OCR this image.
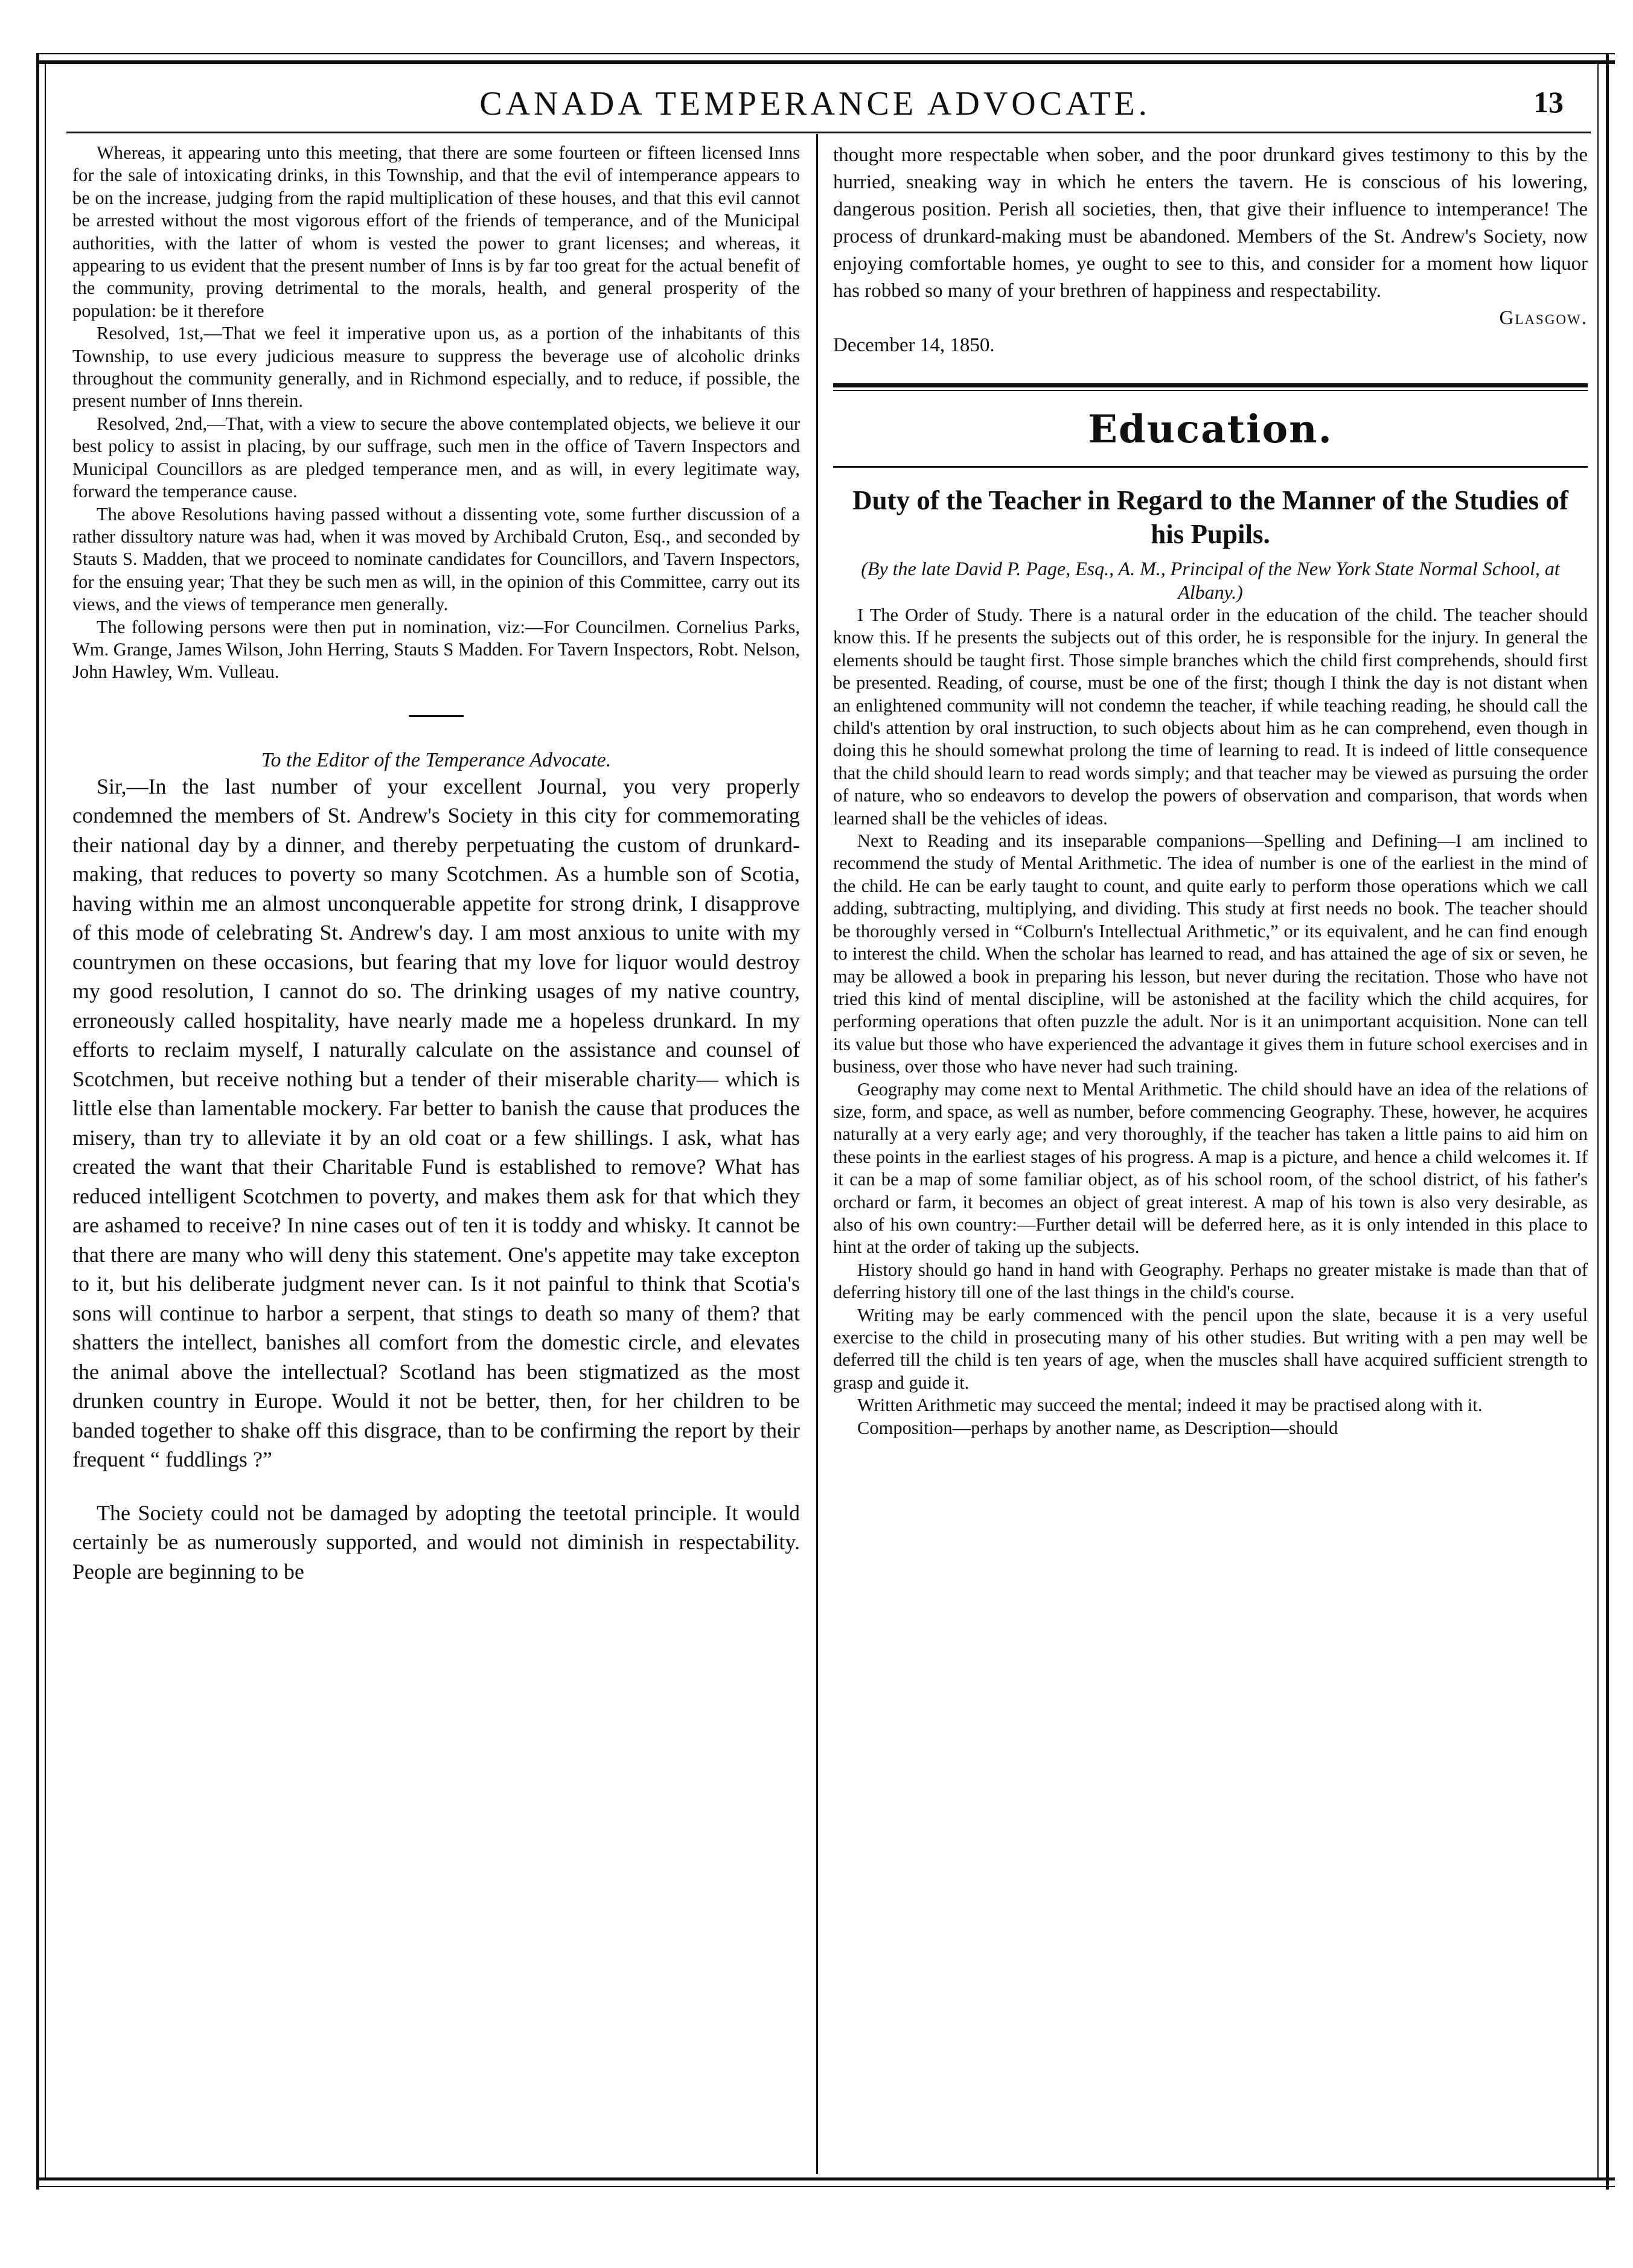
CANADA TEMPERANCE ADVOCATE.	13

Whereas, it appearing unto this meeting, that there are some fourteen or fifteen licensed Inns for the sale of intoxicating drinks, in this Township, and that the evil of intemperance appears to be on the increase, judging from the rapid multiplication of these houses, and that this evil cannot be arrested without the most vigorous effort of the friends of temperance, and of the Municipal authorities, with the latter of whom is vested the power to grant licenses; and whereas, it appearing to us evident that the present number of Inns is by far too great for the actual benefit of the community, proving detrimental to the morals, health, and general prosperity of the population: be it therefore

Resolved, 1st,—That we feel it imperative upon us, as a portion of the inhabitants of this Township, to use every judicious measure to suppress the beverage use of alcoholic drinks throughout the community generally, and in Richmond especially, and to reduce, if possible, the present number of Inns therein.

Resolved, 2nd,—That, with a view to secure the above contemplated objects, we believe it our best policy to assist in placing, by our suffrage, such men in the office of Tavern Inspectors and Municipal Councillors as are pledged temperance men, and as will, in every legitimate way, forward the temperance cause.

The above Resolutions having passed without a dissenting vote, some further discussion of a rather dissultory nature was had, when it was moved by Archibald Cruton, Esq., and seconded by Stauts S. Madden, that we proceed to nominate candidates for Councillors, and Tavern Inspectors, for the ensuing year; That they be such men as will, in the opinion of this Committee, carry out its views, and the views of temperance men generally.

The following persons were then put in nomination, viz:—For Councilmen. Cornelius Parks, Wm. Grange, James Wilson, John Herring, Stauts S Madden. For Tavern Inspectors, Robt. Nelson, John Hawley, Wm. Vulleau.

To the Editor of the Temperance Advocate.

Sir,—In the last number of your excellent Journal, you very properly condemned the members of St. Andrew's Society in this city for commemorating their national day by a dinner, and thereby perpetuating the custom of drunkard-making, that reduces to poverty so many Scotchmen. As a humble son of Scotia, having within me an almost unconquerable appetite for strong drink, I disapprove of this mode of celebrating St. Andrew's day. I am most anxious to unite with my countrymen on these occasions, but fearing that my love for liquor would destroy my good resolution, I cannot do so. The drinking usages of my native country, erroneously called hospitality, have nearly made me a hopeless drunkard. In my efforts to reclaim myself, I naturally calculate on the assistance and counsel of Scotchmen, but receive nothing but a tender of their miserable charity— which is little else than lamentable mockery. Far better to banish the cause that produces the misery, than try to alleviate it by an old coat or a few shillings. I ask, what has created the want that their Charitable Fund is established to remove? What has reduced intelligent Scotchmen to poverty, and makes them ask for that which they are ashamed to receive? In nine cases out of ten it is toddy and whisky. It cannot be that there are many who will deny this statement. One's appetite may take excepton to it, but his deliberate judgment never can. Is it not painful to think that Scotia's sons will continue to harbor a serpent, that stings to death so many of them? that shatters the intellect, banishes all comfort from the domestic circle, and elevates the animal above the intellectual? Scotland has been stigmatized as the most drunken country in Europe. Would it not be better, then, for her children to be banded together to shake off this disgrace, than to be confirming the report by their frequent “ fuddlings ?”

The Society could not be damaged by adopting the teetotal principle. It would certainly be as numerously supported, and would not diminish in respectability. People are beginning to be

thought more respectable when sober, and the poor drunkard gives testimony to this by the hurried, sneaking way in which he enters the tavern. He is conscious of his lowering, dangerous position. Perish all societies, then, that give their influence to intemperance! The process of drunkard-making must be abandoned. Members of the St. Andrew's Society, now enjoying comfortable homes, ye ought to see to this, and consider for a moment how liquor has robbed so many of your brethren of happiness and respectability.

Glasgow.

December 14, 1850.

Education.
Duty of the Teacher in Regard to the Manner of the Studies of his Pupils.

(By the late David P. Page, Esq., A. M., Principal of the New York State Normal School, at Albany.)

I The Order of Study. There is a natural order in the education of the child. The teacher should know this. If he presents the subjects out of this order, he is responsible for the injury. In general the elements should be taught first. Those simple branches which the child first comprehends, should first be presented. Reading, of course, must be one of the first; though I think the day is not distant when an enlightened community will not condemn the teacher, if while teaching reading, he should call the child's attention by oral instruction, to such objects about him as he can comprehend, even though in doing this he should somewhat prolong the time of learning to read. It is indeed of little consequence that the child should learn to read words simply; and that teacher may be viewed as pursuing the order of nature, who so endeavors to develop the powers of observation and comparison, that words when learned shall be the vehicles of ideas.

Next to Reading and its inseparable companions—Spelling and Defining—I am inclined to recommend the study of Mental Arithmetic. The idea of number is one of the earliest in the mind of the child. He can be early taught to count, and quite early to perform those operations which we call adding, subtracting, multiplying, and dividing. This study at first needs no book. The teacher should be thoroughly versed in “Colburn's Intellectual Arithmetic,” or its equivalent, and he can find enough to interest the child. When the scholar has learned to read, and has attained the age of six or seven, he may be allowed a book in preparing his lesson, but never during the recitation. Those who have not tried this kind of mental discipline, will be astonished at the facility which the child acquires, for performing operations that often puzzle the adult. Nor is it an unimportant acquisition. None can tell its value but those who have experienced the advantage it gives them in future school exercises and in business, over those who have never had such training.

Geography may come next to Mental Arithmetic. The child should have an idea of the relations of size, form, and space, as well as number, before commencing Geography. These, however, he acquires naturally at a very early age; and very thoroughly, if the teacher has taken a little pains to aid him on these points in the earliest stages of his progress. A map is a picture, and hence a child welcomes it. If it can be a map of some familiar object, as of his school room, of the school district, of his father's orchard or farm, it becomes an object of great interest. A map of his town is also very desirable, as also of his own country:—Further detail will be deferred here, as it is only intended in this place to hint at the order of taking up the subjects.

History should go hand in hand with Geography. Perhaps no greater mistake is made than that of deferring history till one of the last things in the child's course.

Writing may be early commenced with the pencil upon the slate, because it is a very useful exercise to the child in prosecuting many of his other studies. But writing with a pen may well be deferred till the child is ten years of age, when the muscles shall have acquired sufficient strength to grasp and guide it.

Written Arithmetic may succeed the mental; indeed it may be practised along with it.

Composition—perhaps by another name, as Description—should
